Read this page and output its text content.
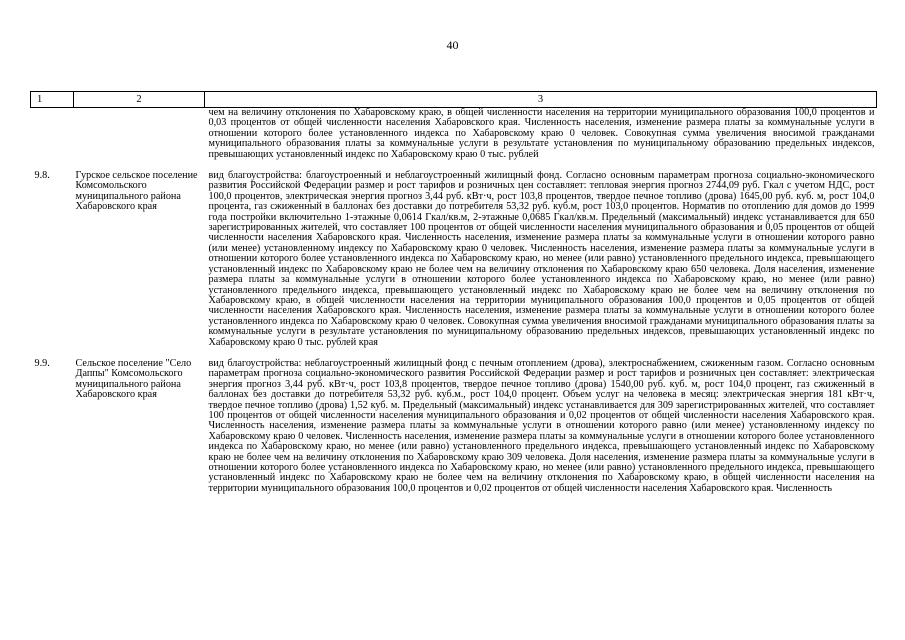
40
1	2	3
		чем на величину отклонения по Хабаровскому краю, в общей численности населения на территории муниципального образования 100,0 процентов и 0,03 процентов от общей численности населения Хабаровского края. Численность населения, изменение размера платы за коммунальные услуги в отношении которого более установленного индекса по Хабаровскому краю 0 человек. Совокупная сумма увеличения вносимой гражданами муниципального образования платы за коммунальные услуги в результате установления по муниципальному образованию предельных индексов, превышающих установленный индекс по Хабаровскому краю 0 тыс. рублей

9.8.	Гурское сельское поселение Комсомольского муниципального района Хабаровского края	вид благоустройства: благоустроенный и неблагоустроенный жилищный фонд. Согласно основным параметрам прогноза социально-экономического развития Российской Федерации размер и рост тарифов и розничных цен составляет: тепловая энергия прогноз 2744,09 руб. Гкал с учетом НДС, рост 100,0 процентов, электрическая энергия прогноз 3,44 руб. кВт·ч, рост 103,8 процентов, твердое печное топливо (дрова) 1645,00 руб. куб. м, рост 104,0 процента, газ сжиженный в баллонах без доставки до потребителя 53,32 руб. куб.м, рост 103,0 процентов. Норматив по отоплению для домов до 1999 года постройки включительно 1-этажные 0,0614 Гкал/кв.м, 2-этажные 0,0685 Гкал/кв.м. Предельный (максимальный) индекс устанавливается для 650 зарегистрированных жителей, что составляет 100 процентов от общей численности населения муниципального образования и 0,05 процентов от общей численности населения Хабаровского края. Численность населения, изменение размера платы за коммунальные услуги в отношении которого равно (или менее) установленному индексу по Хабаровскому краю 0 человек. Численность населения, изменение размера платы за коммунальные услуги в отношении которого более установленного индекса по Хабаровскому краю, но менее (или равно) установленного предельного индекса, превышающего установленный индекс по Хабаровскому краю не более чем на величину отклонения по Хабаровскому краю 650 человека. Доля населения, изменение размера платы за коммунальные услуги в отношении которого более установленного индекса по Хабаровскому краю, но менее (или равно) установленного предельного индекса, превышающего установленный индекс по Хабаровскому краю не более чем на величину отклонения по Хабаровскому краю, в общей численности населения на территории муниципального образования 100,0 процентов и 0,05 процентов от общей численности населения Хабаровского края. Численность населения, изменение размера платы за коммунальные услуги в отношении которого более установленного индекса по Хабаровскому краю 0 человек. Совокупная сумма увеличения вносимой гражданами муниципального образования платы за коммунальные услуги в результате установления по муниципальному образованию предельных индексов, превышающих установленный индекс по Хабаровскому краю 0 тыс. рублей края

9.9.	Сельское поселение "Село Даппы" Комсомольского муниципального района Хабаровского края	вид благоустройства: неблагоустроенный жилищный фонд с печным отоплением (дрова), электроснабжением, сжиженным газом. Согласно основным параметрам прогноза социально-экономического развития Российской Федерации размер и рост тарифов и розничных цен составляет: электрическая энергия прогноз 3,44 руб. кВт·ч, рост 103,8 процентов, твердое печное топливо (дрова) 1540,00 руб. куб. м, рост 104,0 процент, газ сжиженный в баллонах без доставки до потребителя 53,32 руб. куб.м., рост 104,0 процент. Объем услуг на человека в месяц: электрическая энергия 181 кВт·ч, твердое печное топливо (дрова) 1,52 куб. м. Предельный (максимальный) индекс устанавливается для 309 зарегистрированных жителей, что составляет 100 процентов от общей численности населения муниципального образования и 0,02 процентов от общей численности населения Хабаровского края. Численность населения, изменение размера платы за коммунальные услуги в отношении которого равно (или менее) установленному индексу по Хабаровскому краю 0 человек. Численность населения, изменение размера платы за коммунальные услуги в отношении которого более установленного индекса по Хабаровскому краю, но менее (или равно) установленного предельного индекса, превышающего установленный индекс по Хабаровскому краю не более чем на величину отклонения по Хабаровскому краю 309 человека. Доля населения, изменение размера платы за коммунальные услуги в отношении которого более установленного индекса по Хабаровскому краю, но менее (или равно) установленного предельного индекса, превышающего установленный индекс по Хабаровскому краю не более чем на величину отклонения по Хабаровскому краю, в общей численности населения на территории муниципального образования 100,0 процентов и 0,02 процентов от общей численности населения Хабаровского края. Численность
